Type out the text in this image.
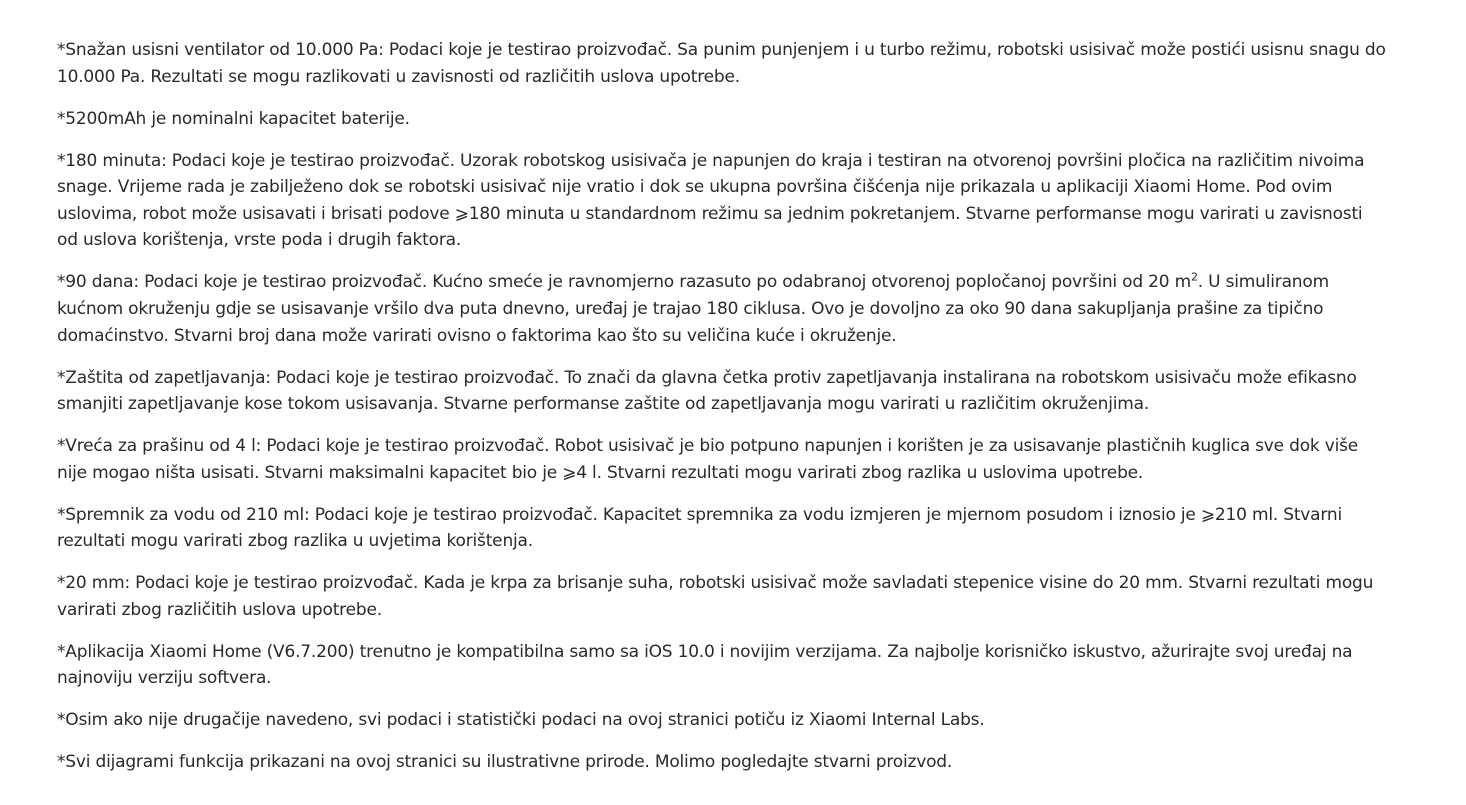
*Snažan usisni ventilator od 10.000 Pa: Podaci koje je testirao proizvođač. Sa punim punjenjem i u turbo režimu, robotski usisivač može postići usisnu snagu do 10.000 Pa. Rezultati se mogu razlikovati u zavisnosti od različitih uslova upotrebe.

*5200mAh je nominalni kapacitet baterije.

*180 minuta: Podaci koje je testirao proizvođač. Uzorak robotskog usisivača je napunjen do kraja i testiran na otvorenoj površini pločica na različitim nivoima snage. Vrijeme rada je zabilježeno dok se robotski usisivač nije vratio i dok se ukupna površina čišćenja nije prikazala u aplikaciji Xiaomi Home. Pod ovim uslovima, robot može usisavati i brisati podove ⩾180 minuta u standardnom režimu sa jednim pokretanjem. Stvarne performanse mogu varirati u zavisnosti od uslova korištenja, vrste poda i drugih faktora.

*90 dana: Podaci koje je testirao proizvođač. Kućno smeće je ravnomjerno razasuto po odabranoj otvorenoj popločanoj površini od 20 $m^2$. U simuliranom kućnom okruženju gdje se usisavanje vršilo dva puta dnevno, uređaj je trajao 180 ciklusa. Ovo je dovoljno za oko 90 dana sakupljanja prašine za tipično domaćinstvo. Stvarni broj dana može varirati ovisno o faktorima kao što su veličina kuće i okruženje.

*Zaštita od zapetljavanja: Podaci koje je testirao proizvođač. To znači da glavna četka protiv zapetljavanja instalirana na robotskom usisivaču može efikasno smanjiti zapetljavanje kose tokom usisavanja. Stvarne performanse zaštite od zapetljavanja mogu varirati u različitim okruženjima.

*Vreća za prašinu od 4 l: Podaci koje je testirao proizvođač. Robot usisivač je bio potpuno napunjen i korišten je za usisavanje plastičnih kuglica sve dok više nije mogao ništa usisati. Stvarni maksimalni kapacitet bio je ⩾4 l. Stvarni rezultati mogu varirati zbog razlika u uslovima upotrebe.

*Spremnik za vodu od 210 ml: Podaci koje je testirao proizvođač. Kapacitet spremnika za vodu izmjeren je mjernom posudom i iznosio je ⩾210 ml. Stvarni rezultati mogu varirati zbog razlika u uvjetima korištenja.

*20 mm: Podaci koje je testirao proizvođač. Kada je krpa za brisanje suha, robotski usisivač može savladati stepenice visine do 20 mm. Stvarni rezultati mogu varirati zbog različitih uslova upotrebe.

*Aplikacija Xiaomi Home (V6.7.200) trenutno je kompatibilna samo sa iOS 10.0 i novijim verzijama. Za najbolje korisničko iskustvo, ažurirajte svoj uređaj na najnoviju verziju softvera.

*Osim ako nije drugačije navedeno, svi podaci i statistički podaci na ovoj stranici potiču iz Xiaomi Internal Labs.

*Svi dijagrami funkcija prikazani na ovoj stranici su ilustrativne prirode. Molimo pogledajte stvarni proizvod.
